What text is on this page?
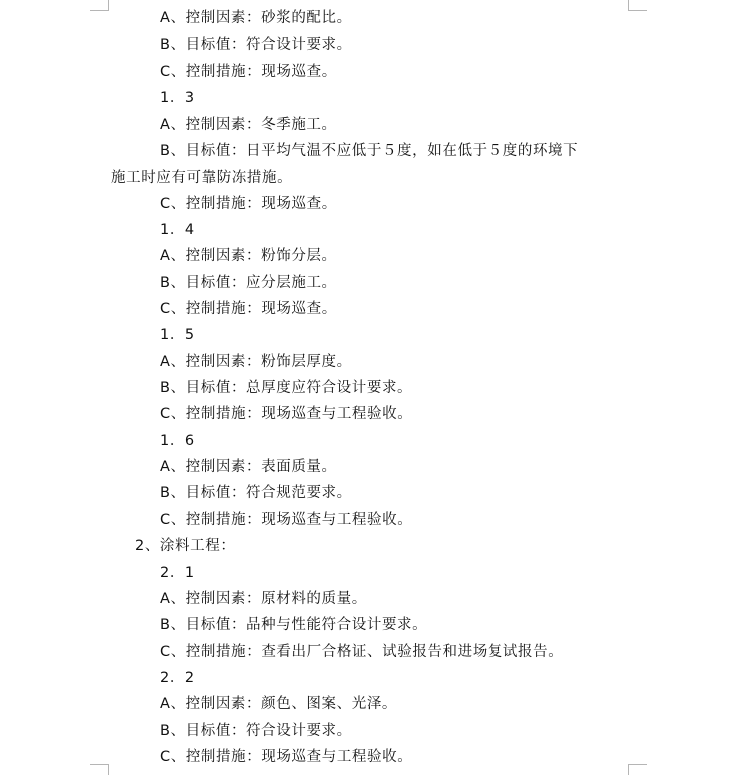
A、控制因素：砂浆的配比。
B、目标值：符合设计要求。
C、控制措施：现场巡查。
1．3
A、控制因素：冬季施工。
B、目标值：日平均气温不应低于５度，如在低于５度的环境下
施工时应有可靠防冻措施。
C、控制措施：现场巡查。
1．4
A、控制因素：粉饰分层。
B、目标值：应分层施工。
C、控制措施：现场巡查。
1．5
A、控制因素：粉饰层厚度。
B、目标值：总厚度应符合设计要求。
C、控制措施：现场巡查与工程验收。
1．6
A、控制因素：表面质量。
B、目标值：符合规范要求。
C、控制措施：现场巡查与工程验收。
2、涂料工程：
2．1
A、控制因素：原材料的质量。
B、目标值：品种与性能符合设计要求。
C、控制措施：查看出厂合格证、试验报告和进场复试报告。
2．2
A、控制因素：颜色、图案、光泽。
B、目标值：符合设计要求。
C、控制措施：现场巡查与工程验收。
